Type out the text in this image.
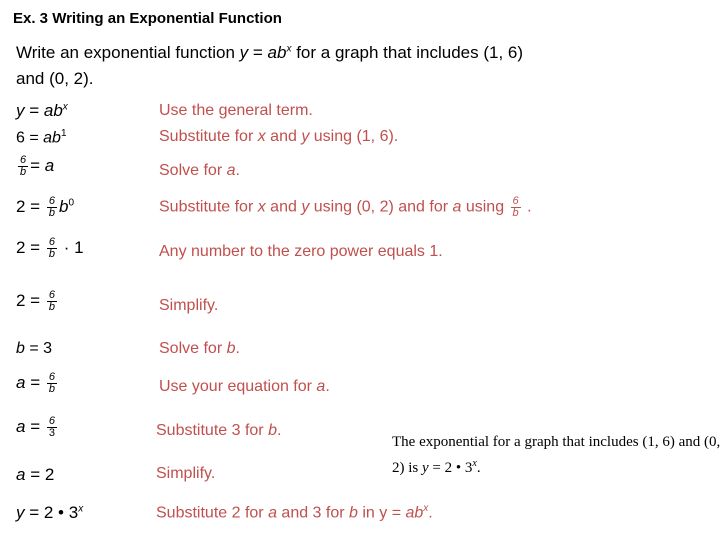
Ex. 3 Writing an Exponential Function
Write an exponential function $y = ab^x$ for a graph that includes (1, 6)
and (0, 2).
$y = ab^x$	Use the general term.
$6 = ab^1$	Substitute for x and y using (1, 6).
$\frac{6}{b} = a$	Solve for a.
$2 = \frac{6}{b} b^0$	Substitute for x and y using (0, 2) and for a using $\frac{6}{b}$ .
$2 = \frac{6}{b} \cdot 1$	Any number to the zero power equals 1.
$2 = \frac{6}{b}$	Simplify.
b = 3	Solve for b.
$a = \frac{6}{b}$	Use your equation for a.
$a = \frac{6}{3}$	Substitute 3 for b.
a = 2	Simplify.
y = 2 • 3$^x$	Substitute 2 for a and 3 for b in $y = ab^x$.
The exponential for a graph that includes (1, 6) and (0, 2) is y = 2 • 3$^x$.
